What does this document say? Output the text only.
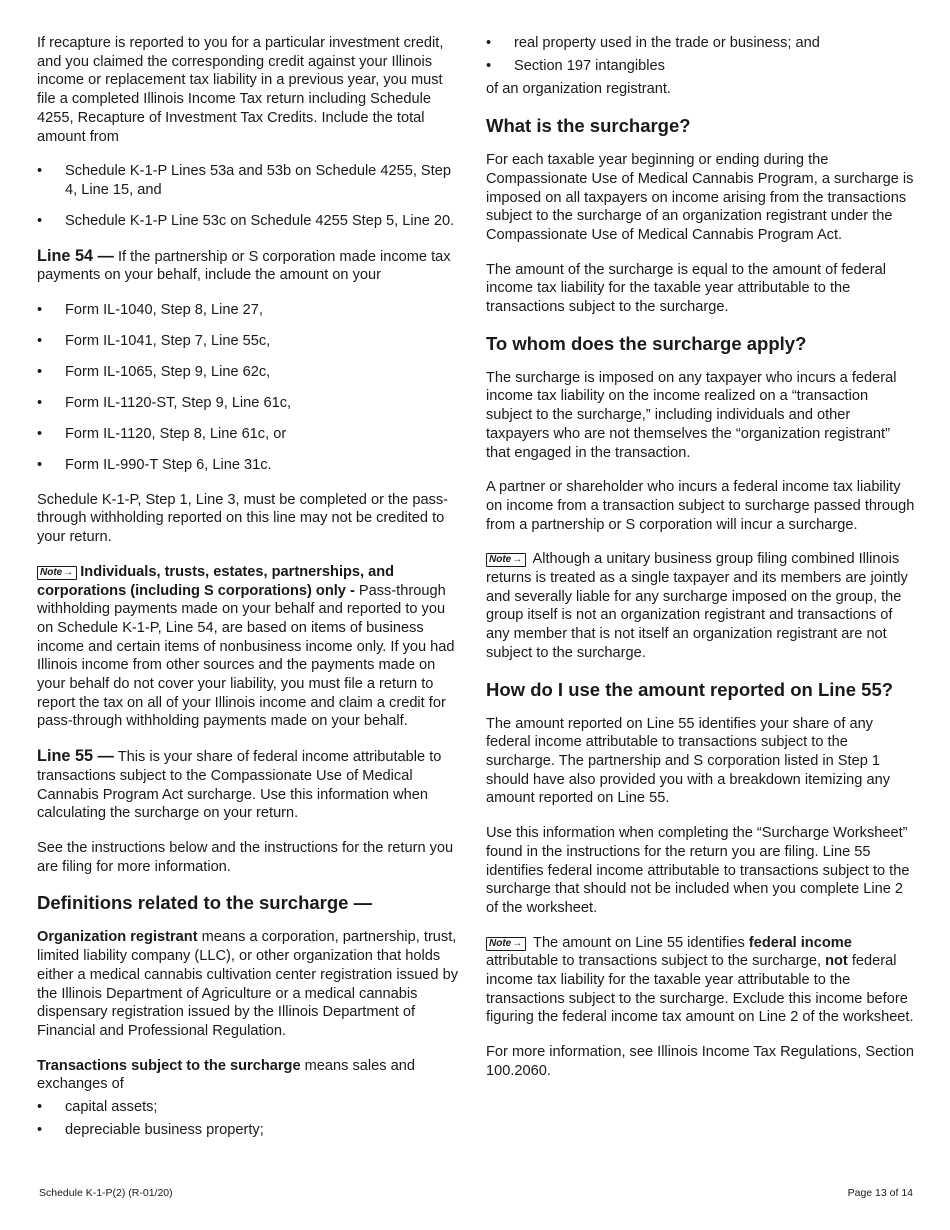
If recapture is reported to you for a particular investment credit, and you claimed the corresponding credit against your Illinois income or replacement tax liability in a previous year, you must file a completed Illinois Income Tax return including Schedule 4255, Recapture of Investment Tax Credits. Include the total amount from

• Schedule K-1-P Lines 53a and 53b on Schedule 4255, Step 4, Line 15, and
• Schedule K-1-P Line 53c on Schedule 4255 Step 5, Line 20.

Line 54 — If the partnership or S corporation made income tax payments on your behalf, include the amount on your

• Form IL-1040, Step 8, Line 27,
• Form IL-1041, Step 7, Line 55c,
• Form IL-1065, Step 9, Line 62c,
• Form IL-1120-ST, Step 9, Line 61c,
• Form IL-1120, Step 8, Line 61c, or
• Form IL-990-T Step 6, Line 31c.

Schedule K-1-P, Step 1, Line 3, must be completed or the pass-through withholding reported on this line may not be credited to your return.

Note → Individuals, trusts, estates, partnerships, and corporations (including S corporations) only - Pass-through withholding payments made on your behalf and reported to you on Schedule K-1-P, Line 54, are based on items of business income and certain items of nonbusiness income only. If you had Illinois income from other sources and the payments made on your behalf do not cover your liability, you must file a return to report the tax on all of your Illinois income and claim a credit for pass-through withholding payments made on your behalf.

Line 55 — This is your share of federal income attributable to transactions subject to the Compassionate Use of Medical Cannabis Program Act surcharge. Use this information when calculating the surcharge on your return.

See the instructions below and the instructions for the return you are filing for more information.

Definitions related to the surcharge —

Organization registrant means a corporation, partnership, trust, limited liability company (LLC), or other organization that holds either a medical cannabis cultivation center registration issued by the Illinois Department of Agriculture or a medical cannabis dispensary registration issued by the Illinois Department of Financial and Professional Regulation.

Transactions subject to the surcharge means sales and exchanges of

• capital assets;
• depreciable business property;
• real property used in the trade or business; and
• Section 197 intangibles

of an organization registrant.

What is the surcharge?

For each taxable year beginning or ending during the Compassionate Use of Medical Cannabis Program, a surcharge is imposed on all taxpayers on income arising from the transactions subject to the surcharge of an organization registrant under the Compassionate Use of Medical Cannabis Program Act.

The amount of the surcharge is equal to the amount of federal income tax liability for the taxable year attributable to the transactions subject to the surcharge.

To whom does the surcharge apply?

The surcharge is imposed on any taxpayer who incurs a federal income tax liability on the income realized on a “transaction subject to the surcharge,” including individuals and other taxpayers who are not themselves the “organization registrant” that engaged in the transaction.

A partner or shareholder who incurs a federal income tax liability on income from a transaction subject to surcharge passed through from a partnership or S corporation will incur a surcharge.

Note → Although a unitary business group filing combined Illinois returns is treated as a single taxpayer and its members are jointly and severally liable for any surcharge imposed on the group, the group itself is not an organization registrant and transactions of any member that is not itself an organization registrant are not subject to the surcharge.

How do I use the amount reported on Line 55?

The amount reported on Line 55 identifies your share of any federal income attributable to transactions subject to the surcharge. The partnership and S corporation listed in Step 1 should have also provided you with a breakdown itemizing any amount reported on Line 55.

Use this information when completing the “Surcharge Worksheet” found in the instructions for the return you are filing. Line 55 identifies federal income attributable to transactions subject to the surcharge that should not be included when you complete Line 2 of the worksheet.

Note → The amount on Line 55 identifies federal income attributable to transactions subject to the surcharge, not federal income tax liability for the taxable year attributable to the transactions subject to the surcharge. Exclude this income before figuring the federal income tax amount on Line 2 of the worksheet.

For more information, see Illinois Income Tax Regulations, Section 100.2060.

Schedule K-1-P(2) (R-01/20)	Page 13 of 14
